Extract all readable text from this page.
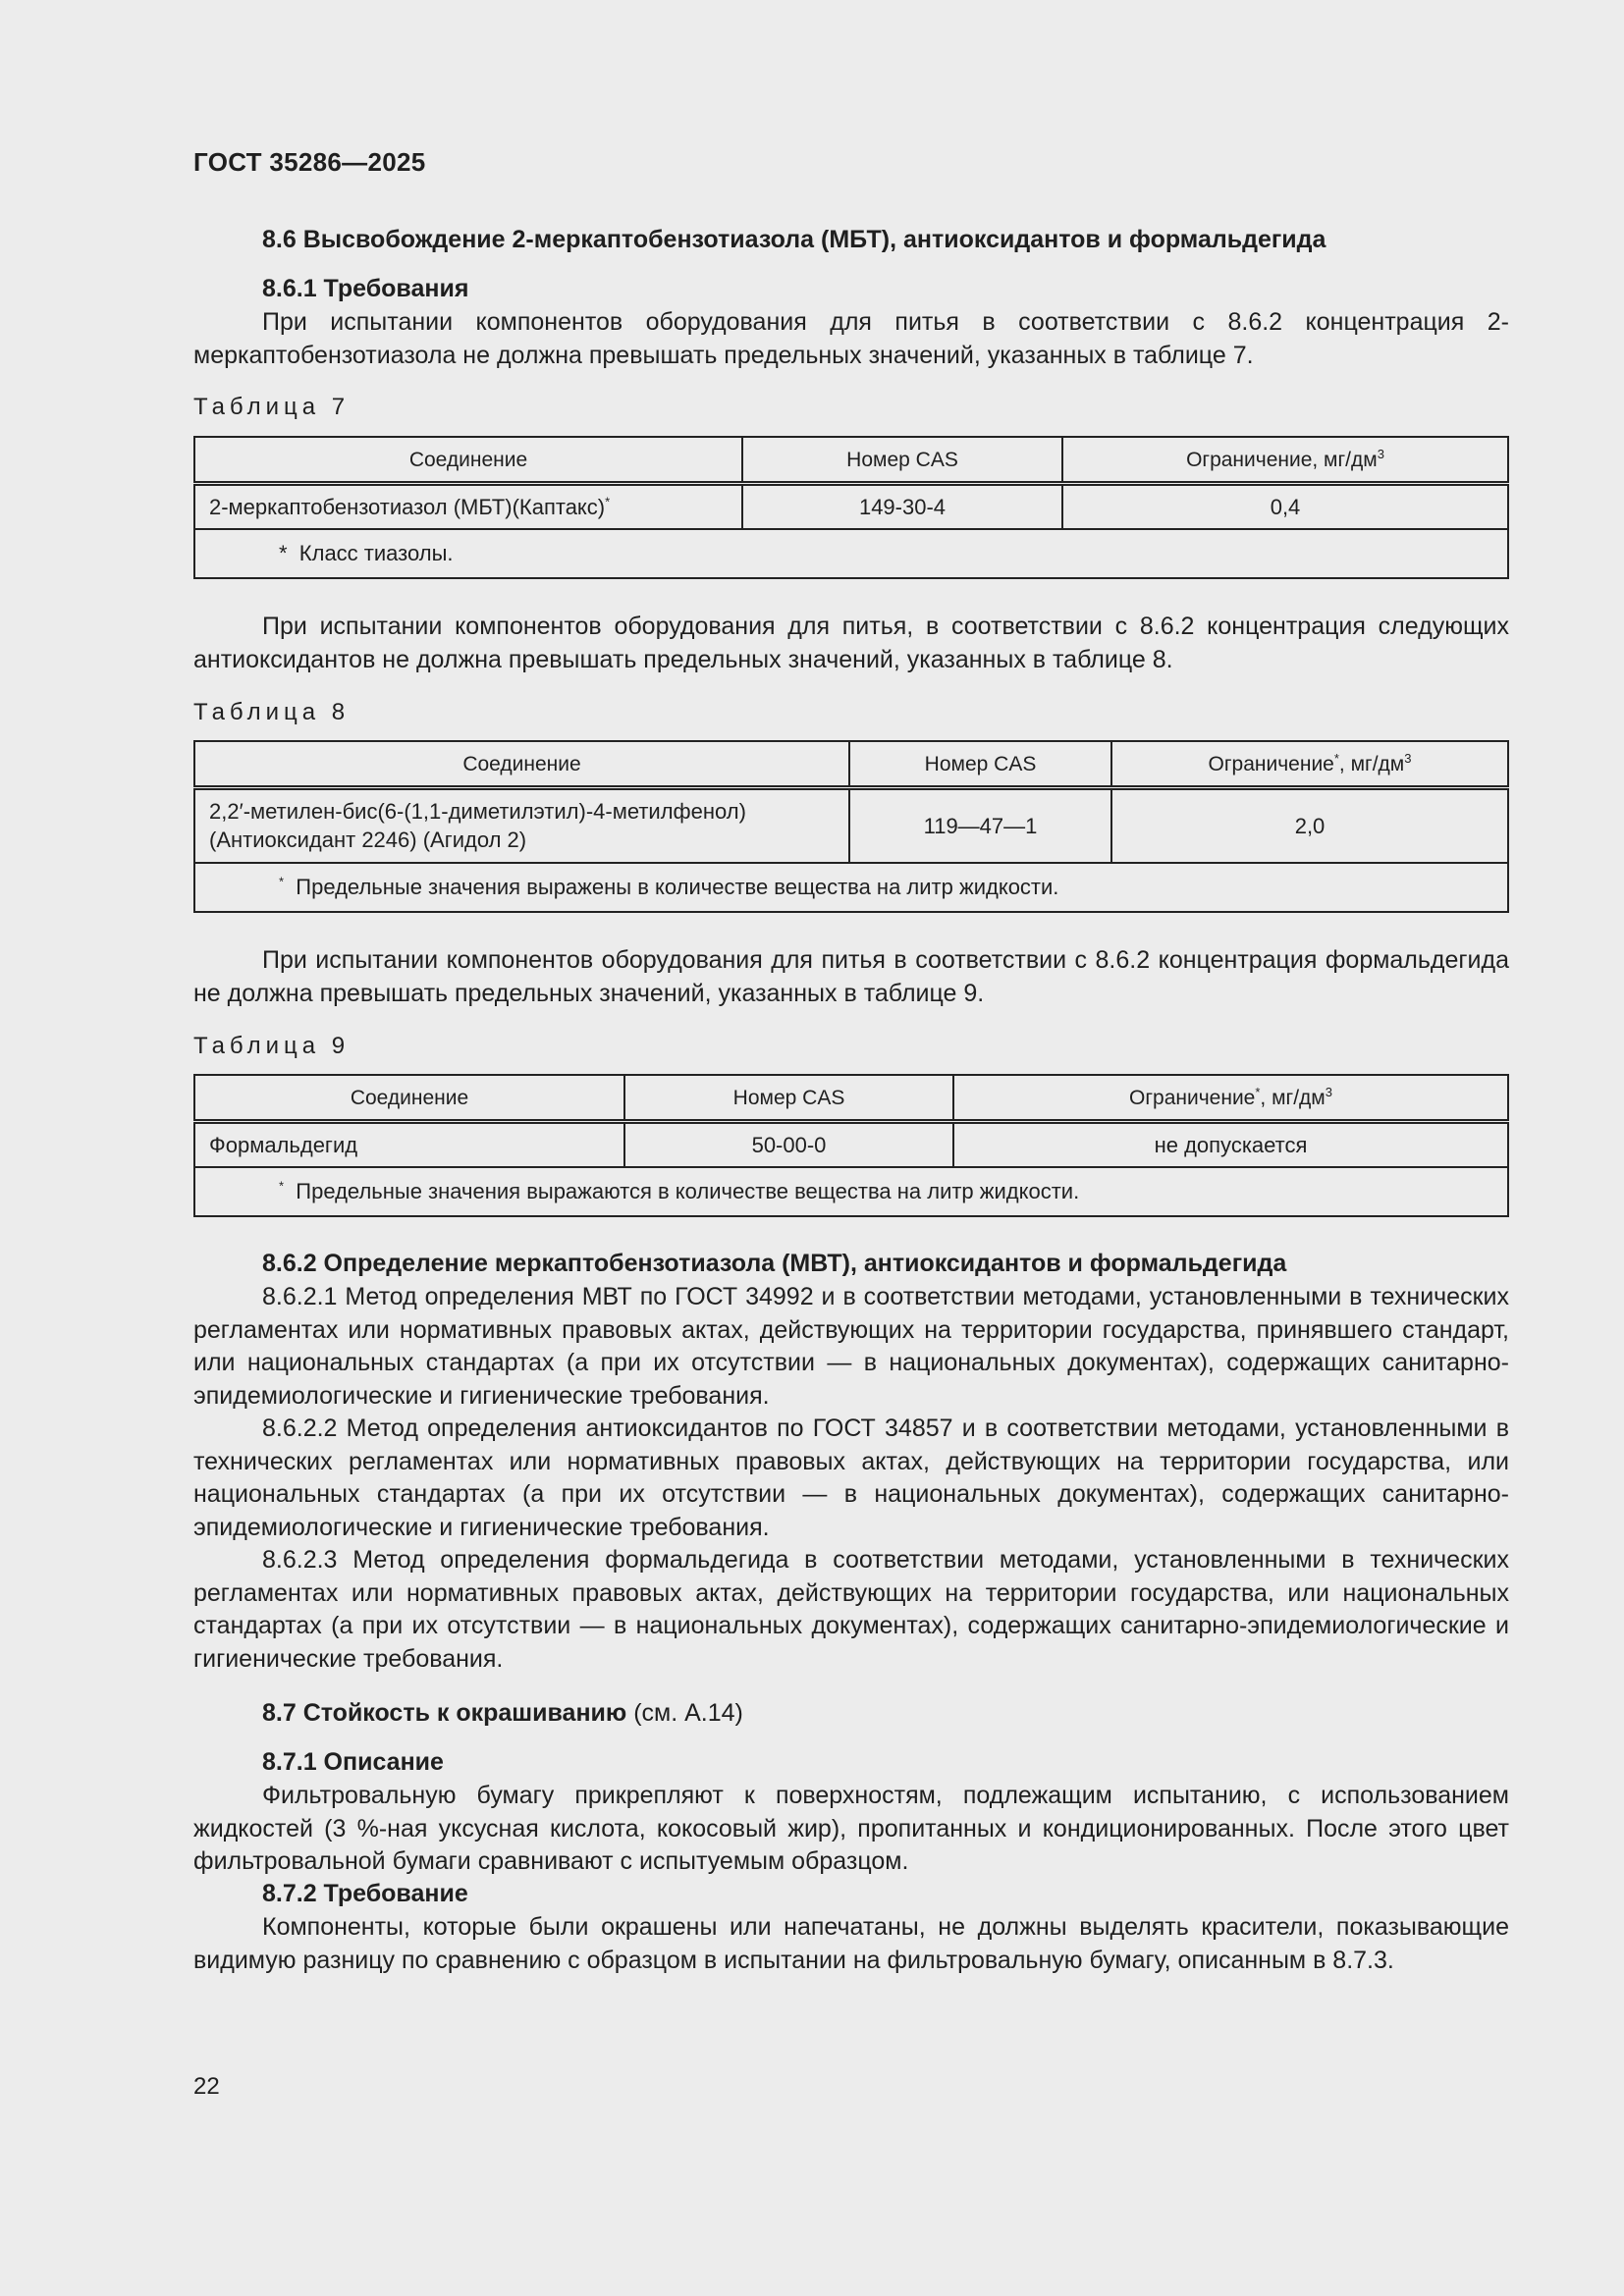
ГОСТ 35286—2025
8.6 Высвобождение 2-меркаптобензотиазола (МБТ), антиоксидантов и формальдегида
8.6.1 Требования
При испытании компонентов оборудования для питья в соответствии с 8.6.2 концентрация 2-меркаптобензотиазола не должна превышать предельных значений, указанных в таблице 7.
Таблица 7
Соединение	Номер CAS	Ограничение, $мг/дм^3$
2-меркаптобензотиазол (МБТ)(Каптакс)*	149-30-4	0,4
* Класс тиазолы.		
При испытании компонентов оборудования для питья, в соответствии с 8.6.2 концентрация следующих антиоксидантов не должна превышать предельных значений, указанных в таблице 8.
Таблица 8
Соединение	Номер CAS	Ограничение*, $мг/дм^3$

2,2′-метилен-бис(6-(1,1-диметилэтил)-4-метилфенол)
(Антиоксидант 2246) (Агидол 2)	119—47—1	2,0
* Предельные значения выражены в количестве вещества на литр жидкости.		
При испытании компонентов оборудования для питья в соответствии с 8.6.2 концентрация формальдегида не должна превышать предельных значений, указанных в таблице 9.
Таблица 9
Соединение	Номер CAS	Ограничение*, $мг/дм^3$
Формальдегид	50-00-0	не допускается
* Предельные значения выражаются в количестве вещества на литр жидкости.		
8.6.2 Определение меркаптобензотиазола (МВТ), антиоксидантов и формальдегида
8.6.2.1 Метод определения МВТ по ГОСТ 34992 и в соответствии методами, установленными в технических регламентах или нормативных правовых актах, действующих на территории государства, принявшего стандарт, или национальных стандартах (а при их отсутствии — в национальных документах), содержащих санитарно-эпидемиологические и гигиенические требования.
8.6.2.2 Метод определения антиоксидантов по ГОСТ 34857 и в соответствии методами, установленными в технических регламентах или нормативных правовых актах, действующих на территории государства, или национальных стандартах (а при их отсутствии — в национальных документах), содержащих санитарно-эпидемиологические и гигиенические требования.
8.6.2.3 Метод определения формальдегида в соответствии методами, установленными в технических регламентах или нормативных правовых актах, действующих на территории государства, или национальных стандартах (а при их отсутствии — в национальных документах), содержащих санитарно-эпидемиологические и гигиенические требования.
8.7 Стойкость к окрашиванию (см. А.14)
8.7.1 Описание
Фильтровальную бумагу прикрепляют к поверхностям, подлежащим испытанию, с использованием жидкостей (3 %-ная уксусная кислота, кокосовый жир), пропитанных и кондиционированных. После этого цвет фильтровальной бумаги сравнивают с испытуемым образцом.
8.7.2 Требование
Компоненты, которые были окрашены или напечатаны, не должны выделять красители, показывающие видимую разницу по сравнению с образцом в испытании на фильтровальную бумагу, описанным в 8.7.3.
22
